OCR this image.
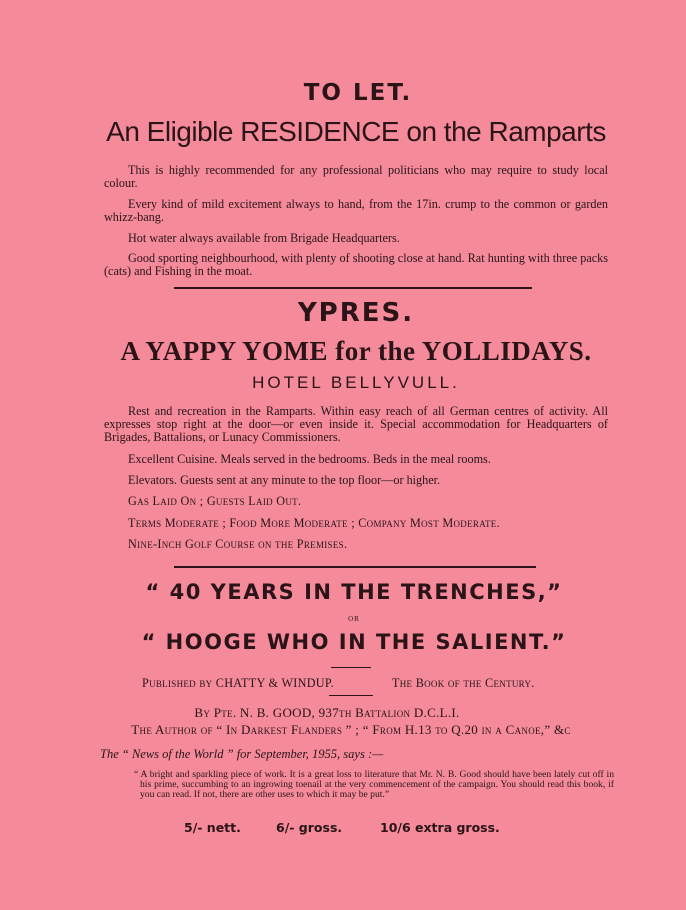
TO LET.
An Eligible RESIDENCE on the Ramparts
This is highly recommended for any professional politicians who may require to study local colour.
Every kind of mild excitement always to hand, from the 17in. crump to the common or garden whizz-bang.
Hot water always available from Brigade Headquarters.
Good sporting neighbourhood, with plenty of shooting close at hand. Rat hunting with three packs (cats) and Fishing in the moat.
YPRES.
A YAPPY YOME for the YOLLIDAYS.
HOTEL BELLYVULL.
Rest and recreation in the Ramparts. Within easy reach of all German centres of activity. All expresses stop right at the door—or even inside it. Special accommodation for Headquarters of Brigades, Battalions, or Lunacy Commissioners.
Excellent Cuisine. Meals served in the bedrooms. Beds in the meal rooms.
Elevators. Guests sent at any minute to the top floor—or higher.
Gas Laid On ; Guests Laid Out.
Terms Moderate ; Food More Moderate ; Company Most Moderate.
Nine-Inch Golf Course on the Premises.
“ 40 YEARS IN THE TRENCHES,”
OR
“ HOOGE WHO IN THE SALIENT.”
Published by CHATTY & WINDUP.	The Book of the Century.
By Pte. N. B. GOOD, 937th Battalion D.C.L.I.
The Author of “ In Darkest Flanders ” ; “ From H.13 to Q.20 in a Canoe,” &c
The “ News of the World ” for September, 1955, says :—
“ A bright and sparkling piece of work. It is a great loss to literature that Mr. N. B. Good should have been lately cut off in his prime, succumbing to an ingrowing toenail at the very commencement of the campaign. You should read this book, if you can read. If not, there are other uses to which it may be put.”
5/- nett.	6/- gross.	10/6 extra gross.
